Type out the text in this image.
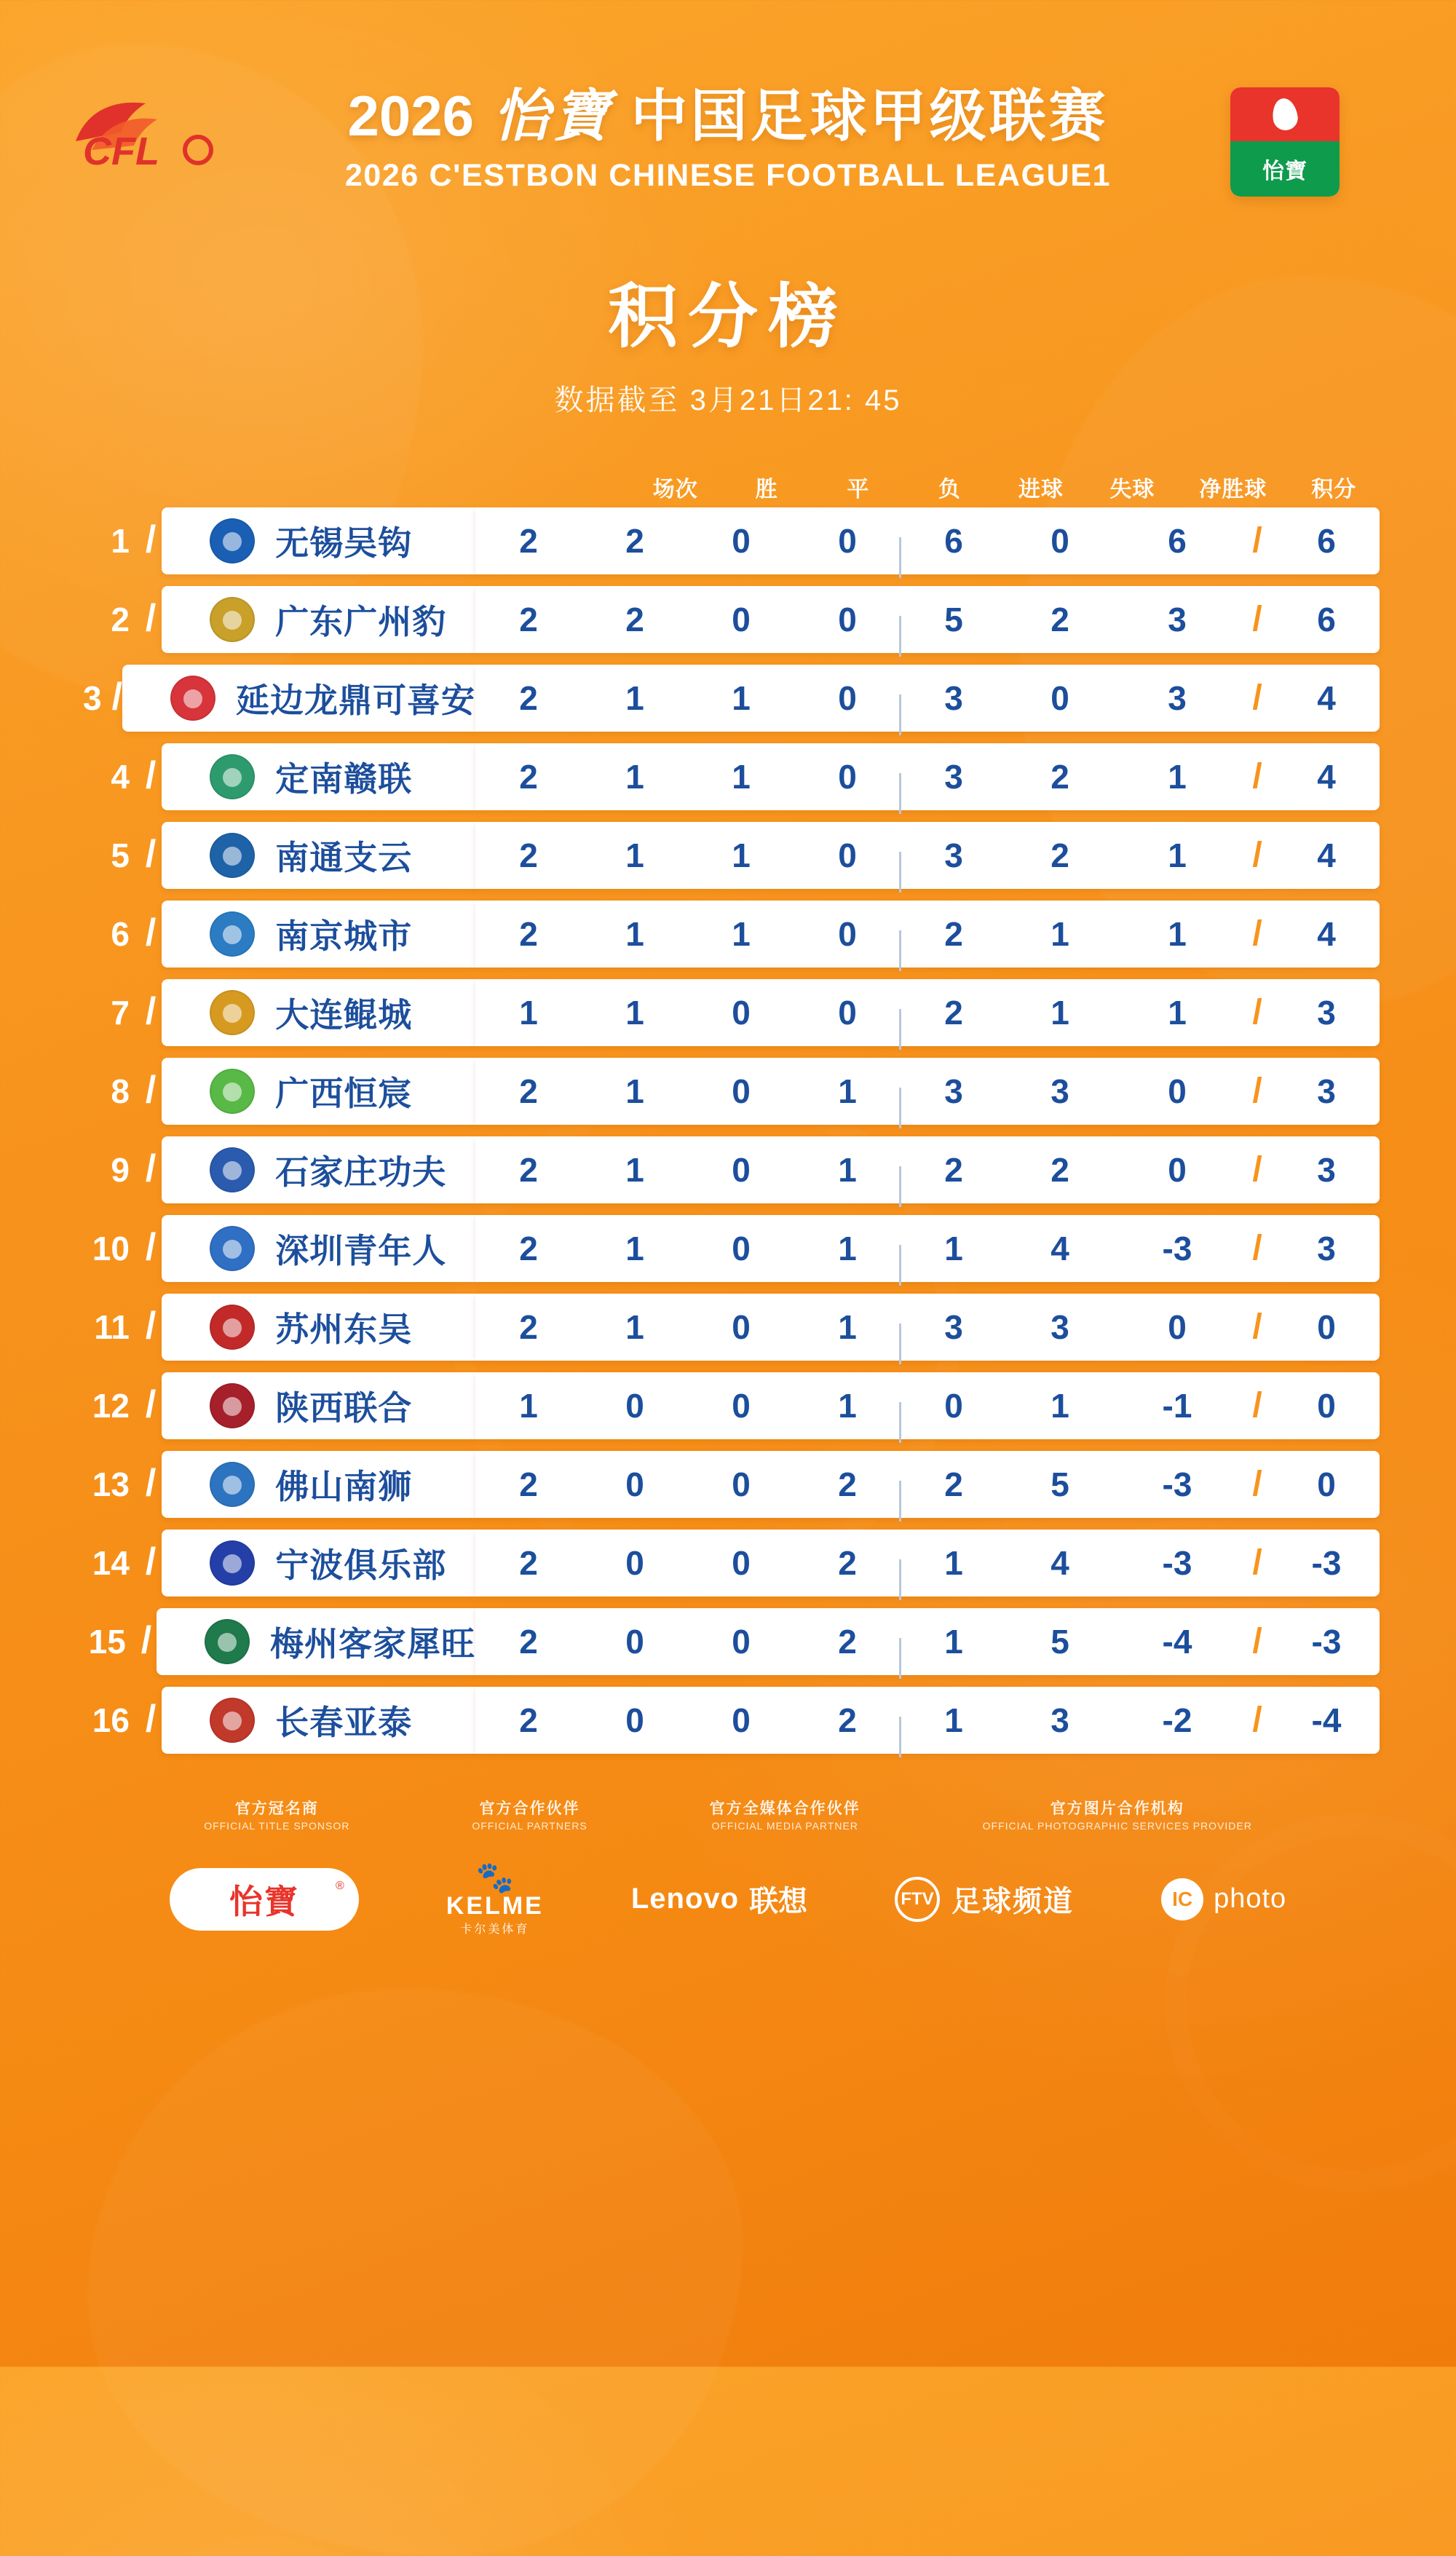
CFL
2026 怡寶 中国足球甲级联赛
2026 C'ESTBON CHINESE FOOTBALL LEAGUE1	怡寶
积分榜
数据截至 3月21日21: 45
场次	胜	平	负	进球	失球	净胜球	积分
1 /	无锡吴钩	2	2	0	0	6	0	6	/	6
2 /	广东广州豹	2	2	0	0	5	2	3	/	6
3 /	延边龙鼎可喜安	2	1	1	0	3	0	3	/	4
4 /	定南赣联	2	1	1	0	3	2	1	/	4
5 /	南通支云	2	1	1	0	3	2	1	/	4
6 /	南京城市	2	1	1	0	2	1	1	/	4
7 /	大连鲲城	1	1	0	0	2	1	1	/	3
8 /	广西恒宸	2	1	0	1	3	3	0	/	3
9 /	石家庄功夫	2	1	0	1	2	2	0	/	3
10 /	深圳青年人	2	1	0	1	1	4	-3	/	3
11 /	苏州东吴	2	1	0	1	3	3	0	/	0
12 /	陕西联合	1	0	0	1	0	1	-1	/	0
13 /	佛山南狮	2	0	0	2	2	5	-3	/	0
14 /	宁波俱乐部	2	0	0	2	1	4	-3	/	-3
15 /	梅州客家犀旺	2	0	0	2	1	5	-4	/	-3
16 /	长春亚泰	2	0	0	2	1	3	-2	/	-4
官方冠名商
OFFICIAL TITLE SPONSOR
官方合作伙伴
OFFICIAL PARTNERS
官方全媒体合作伙伴
OFFICIAL MEDIA PARTNER
官方图片合作机构
OFFICIAL PHOTOGRAPHIC SERVICES PROVIDER
怡寶	®	🐾
KELME
卡尔美体育
Lenovo 联想	FTV 足球频道	IC photo
